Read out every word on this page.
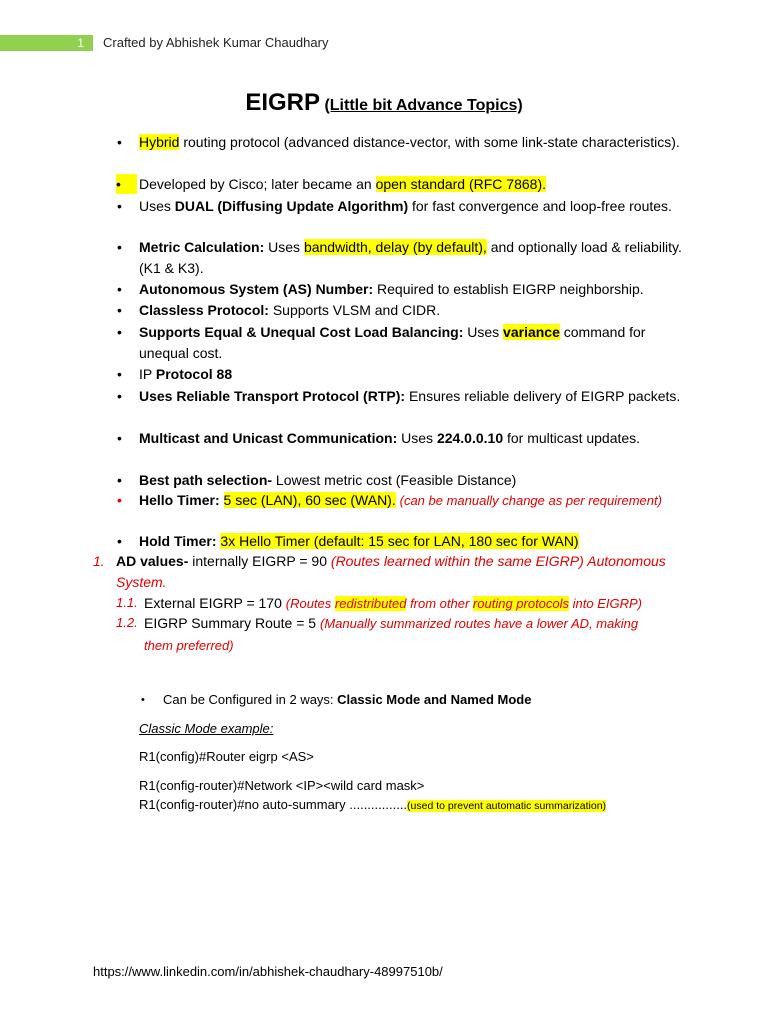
1 Crafted by Abhishek Kumar Chaudhary
EIGRP (Little bit Advance Topics)
• Hybrid routing protocol (advanced distance-vector, with some link-state characteristics).
•	Developed by Cisco; later became an open standard (RFC 7868).
• Uses DUAL (Diffusing Update Algorithm) for fast convergence and loop-free routes.
• Metric Calculation: Uses bandwidth, delay (by default), and optionally load & reliability. (K1 & K3).
• Autonomous System (AS) Number: Required to establish EIGRP neighborship.
• Classless Protocol: Supports VLSM and CIDR.
• Supports Equal & Unequal Cost Load Balancing: Uses variance command for unequal cost.
• IP Protocol 88
• Uses Reliable Transport Protocol (RTP): Ensures reliable delivery of EIGRP packets.
• Multicast and Unicast Communication: Uses 224.0.0.10 for multicast updates.
• Best path selection- Lowest metric cost (Feasible Distance)
• Hello Timer: 5 sec (LAN), 60 sec (WAN). (can be manually change as per requirement)
• Hold Timer: 3x Hello Timer (default: 15 sec for LAN, 180 sec for WAN)
1. AD values- internally EIGRP = 90 (Routes learned within the same EIGRP) Autonomous System.
1.1. External EIGRP = 170 (Routes redistributed from other routing protocols into EIGRP)
1.2. EIGRP Summary Route = 5 (Manually summarized routes have a lower AD, making them preferred)
• Can be Configured in 2 ways: Classic Mode and Named Mode
Classic Mode example:
R1(config)#Router eigrp <AS>
R1(config-router)#Network <IP><wild card mask>
R1(config-router)#no auto-summary ................(used to prevent automatic summarization)
https://www.linkedin.com/in/abhishek-chaudhary-48997510b/
